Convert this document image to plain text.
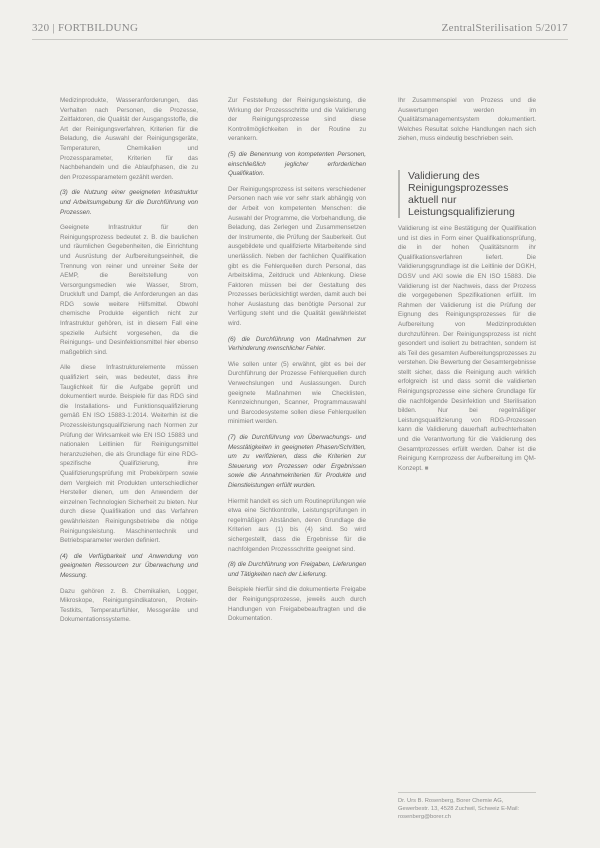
320 | FORTBILDUNG	ZentralSterilisation 5/2017

Medizinprodukte, Wasseranforderungen, das Verhalten nach Personen, die Prozesse, Zeitfaktoren, die Qualität der Ausgangsstoffe, die Art der Reinigungsverfahren, Kriterien für die Beladung, die Auswahl der Reinigungsgeräte, Temperaturen, Chemikalien und Prozessparameter, Kriterien für das Nachbehandeln und die Ablaufphasen, die zu den Prozessparametern gezählt werden.

(3) die Nutzung einer geeigneten Infrastruktur und Arbeitsumgebung für die Durchführung von Prozessen.

Geeignete Infrastruktur für den Reinigungsprozess bedeutet z. B. die baulichen und räumlichen Gegebenheiten, die Einrichtung und Ausrüstung der Aufbereitungseinheit, die Trennung von reiner und unreiner Seite der AEMP, die Bereitstellung von Versorgungsmedien wie Wasser, Strom, Druckluft und Dampf, die Anforderungen an das RDG sowie weitere Hilfsmittel. Obwohl chemische Produkte eigentlich nicht zur Infrastruktur gehören, ist in diesem Fall eine spezielle Aufsicht vorgesehen, da die Reinigungs- und Desinfektionsmittel hier ebenso maßgeblich sind.

Alle diese Infrastrukturelemente müssen qualifiziert sein, was bedeutet, dass ihre Tauglichkeit für die Aufgabe geprüft und dokumentiert wurde. Beispiele für das RDG sind die Installations- und Funktionsqualifizierung gemäß EN ISO 15883-1:2014. Weiterhin ist die Prozessleistungsqualifizierung nach Normen zur Prüfung der Wirksamkeit wie EN ISO 15883 und nationalen Leitlinien für Reinigungsmittel heranzuziehen, die als Grundlage für eine RDG-spezifische Qualifizierung, ihre Qualifizierungsprüfung mit Probekörpern sowie dem Vergleich mit Produkten unterschiedlicher Hersteller dienen, um den Anwendern der einzelnen Technologien Sicherheit zu bieten. Nur durch diese Qualifikation und das Verfahren gewährleisten Reinigungsbetriebe die nötige Reinigungsleistung. Maschinentechnik und Betriebsparameter werden definiert.

(4) die Verfügbarkeit und Anwendung von geeigneten Ressourcen zur Überwachung und Messung.

Dazu gehören z. B. Chemikalien, Logger, Mikroskope, Reinigungsindikatoren, Protein-Testkits, Temperaturfühler, Messgeräte und Dokumentationssysteme.

Zur Feststellung der Reinigungsleistung, die Wirkung der Prozessschritte und die Validierung der Reinigungsprozesse sind diese Kontrollmöglichkeiten in der Routine zu verankern.

(5) die Benennung von kompetenten Personen, einschließlich jeglicher erforderlichen Qualifikation.

Der Reinigungsprozess ist seitens verschiedener Personen nach wie vor sehr stark abhängig von der Arbeit von kompetenten Menschen: die Auswahl der Programme, die Vorbehandlung, die Beladung, das Zerlegen und Zusammensetzen der Instrumente, die Prüfung der Sauberkeit. Gut ausgebildete und qualifizierte Mitarbeitende sind unerlässlich. Neben der fachlichen Qualifikation gibt es die Fehlerquellen durch Personal, das Arbeitsklima, Zeitdruck und Ablenkung. Diese Faktoren müssen bei der Gestaltung des Prozesses berücksichtigt werden, damit auch bei hoher Auslastung das benötigte Personal zur Verfügung steht und die Qualität gewährleistet wird.

(6) die Durchführung von Maßnahmen zur Verhinderung menschlicher Fehler.

Wie sollen unter (5) erwähnt, gibt es bei der Durchführung der Prozesse Fehlerquellen durch Verwechslungen und Auslassungen. Durch geeignete Maßnahmen wie Checklisten, Kennzeichnungen, Scanner, Programmauswahl und Barcodesysteme sollen diese Fehlerquellen minimiert werden.

(7) die Durchführung von Überwachungs- und Messtätigkeiten in geeigneten Phasen/Schritten, um zu verifizieren, dass die Kriterien zur Steuerung von Prozessen oder Ergebnissen sowie die Annahmekriterien für Produkte und Dienstleistungen erfüllt wurden.

Hiermit handelt es sich um Routineprüfungen wie etwa eine Sichtkontrolle, Leistungsprüfungen in regelmäßigen Abständen, deren Grundlage die Kriterien aus (1) bis (4) sind. So wird sichergestellt, dass die Ergebnisse für die nachfolgenden Prozessschritte geeignet sind.

(8) die Durchführung von Freigaben, Lieferungen und Tätigkeiten nach der Lieferung.

Beispiele hierfür sind die dokumentierte Freigabe der Reinigungsprozesse, jeweils auch durch Handlungen von Freigabebeauftragten und die Dokumentation.

Ihr Zusammenspiel von Prozess und die Auswertungen werden im Qualitätsmanagementsystem dokumentiert. Welches Resultat solche Handlungen nach sich ziehen, muss eindeutig beschrieben sein.

Validierung des Reinigungsprozesses aktuell nur Leistungsqualifizierung

Validierung ist eine Bestätigung der Qualifikation und ist dies in Form einer Qualifikationsprüfung, die in der hohen Qualitätsnorm ihr Qualifikationsverfahren liefert. Die Validierungsgrundlage ist die Leitlinie der DGKH, DGSV und AKI sowie die EN ISO 15883. Die Validierung ist der Nachweis, dass der Prozess die vorgegebenen Spezifikationen erfüllt. Im Rahmen der Validierung ist die Prüfung der Eignung des Reinigungsprozesses für die Aufbereitung von Medizinprodukten durchzuführen. Der Reinigungsprozess ist nicht gesondert und isoliert zu betrachten, sondern ist als Teil des gesamten Aufbereitungsprozesses zu verstehen. Die Bewertung der Gesamtergebnisse stellt sicher, dass die Reinigung auch wirklich erfolgreich ist und dass somit die validierten Reinigungsprozesse eine sichere Grundlage für die nachfolgende Desinfektion und Sterilisation bilden. Nur bei regelmäßiger Leistungsqualifizierung von RDG-Prozessen kann die Validierung dauerhaft aufrechterhalten und die Verantwortung für die Validierung des Gesamtprozesses erfüllt werden. Daher ist die Reinigung Kernprozess der Aufbereitung im QM-Konzept. ■

Dr. Urs B. Rosenberg, Borer Chemie AG, Gewerbestr. 13, 4528 Zuchwil, Schweiz E-Mail: rosenberg@borer.ch
